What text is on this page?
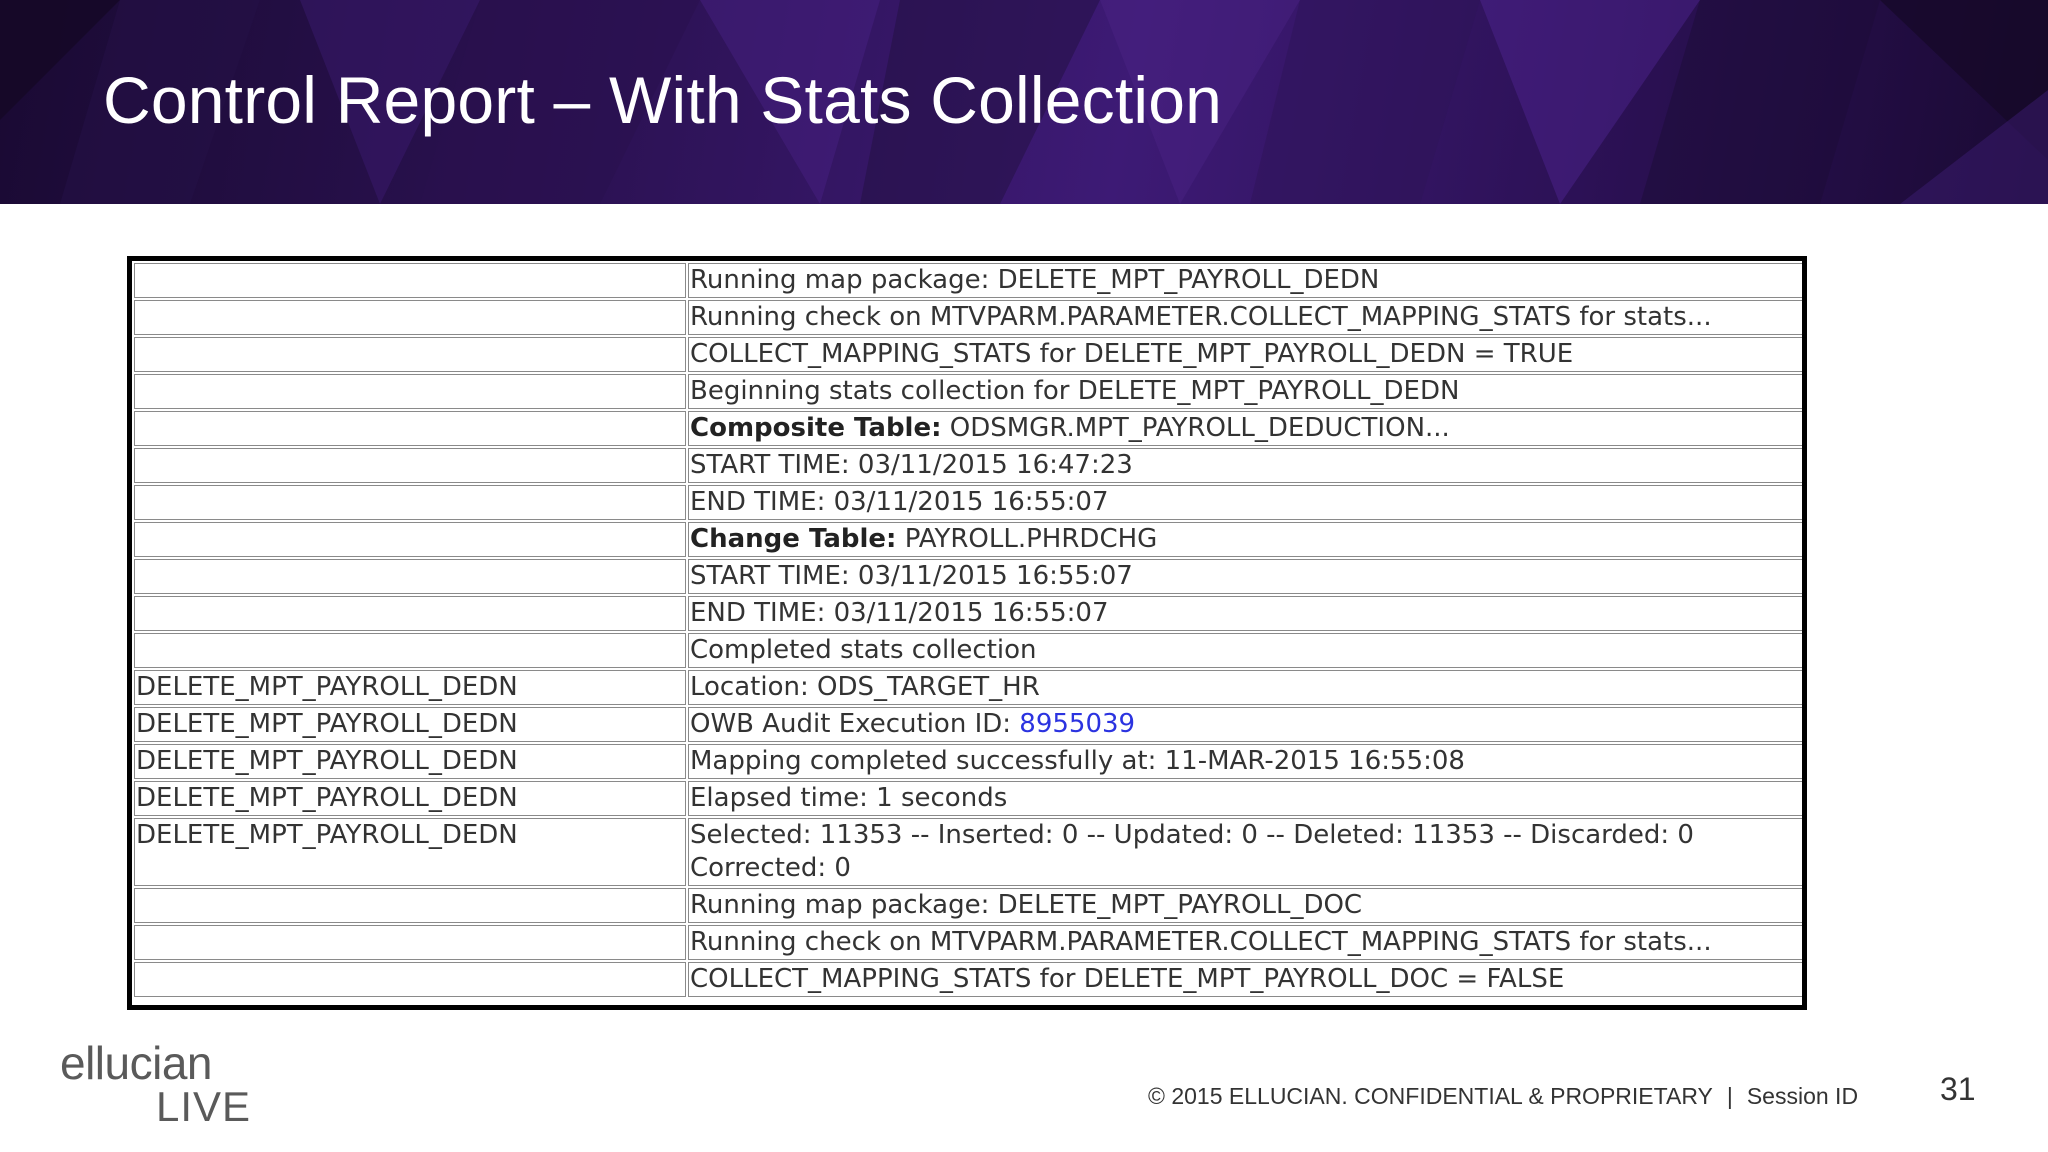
Control Report – With Stats Collection
	Running map package: DELETE_MPT_PAYROLL_DEDN
	Running check on MTVPARM.PARAMETER.COLLECT_MAPPING_STATS for stats...
	COLLECT_MAPPING_STATS for DELETE_MPT_PAYROLL_DEDN = TRUE
	Beginning stats collection for DELETE_MPT_PAYROLL_DEDN
	Composite Table: ODSMGR.MPT_PAYROLL_DEDUCTION...
	START TIME: 03/11/2015 16:47:23
	END TIME: 03/11/2015 16:55:07
	Change Table: PAYROLL.PHRDCHG
	START TIME: 03/11/2015 16:55:07
	END TIME: 03/11/2015 16:55:07
	Completed stats collection
DELETE_MPT_PAYROLL_DEDN	Location: ODS_TARGET_HR
DELETE_MPT_PAYROLL_DEDN	OWB Audit Execution ID: 8955039
DELETE_MPT_PAYROLL_DEDN	Mapping completed successfully at: 11-MAR-2015 16:55:08
DELETE_MPT_PAYROLL_DEDN	Elapsed time: 1 seconds

DELETE_MPT_PAYROLL_DEDN	Selected: 11353 -- Inserted: 0 -- Updated: 0 -- Deleted: 11353 -- Discarded: 0
Corrected: 0

	Running map package: DELETE_MPT_PAYROLL_DOC
	Running check on MTVPARM.PARAMETER.COLLECT_MAPPING_STATS for stats...
	COLLECT_MAPPING_STATS for DELETE_MPT_PAYROLL_DOC = FALSE
ellucian
LIVE	© 2015 ELLUCIAN. CONFIDENTIAL & PROPRIETARY | Session ID	31
